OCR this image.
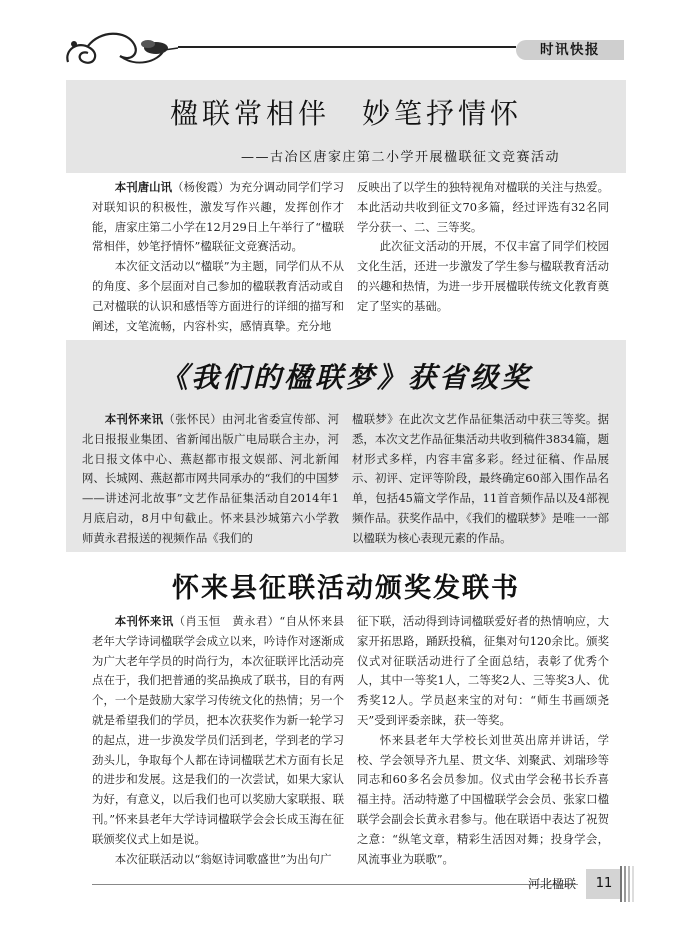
时讯快报
楹联常相伴　妙笔抒情怀
——古冶区唐家庄第二小学开展楹联征文竞赛活动

本刊唐山讯（杨俊霞）为充分调动同学们学习对联知识的积极性，激发写作兴趣，发挥创作才能，唐家庄第二小学在12月29日上午举行了“楹联常相伴，妙笔抒情怀”楹联征文竞赛活动。

本次征文活动以“楹联”为主题，同学们从不从的角度、多个层面对自己参加的楹联教育活动或自己对楹联的认识和感悟等方面进行的详细的描写和阐述，文笔流畅，内容朴实，感情真挚。充分地

反映出了以学生的独特视角对楹联的关注与热爱。本此活动共收到征文70多篇，经过评选有32名同学分获一、二、三等奖。

此次征文活动的开展，不仅丰富了同学们校园文化生活，还进一步激发了学生参与楹联教育活动的兴趣和热情，为进一步开展楹联传统文化教育奠定了坚实的基础。

《我们的楹联梦》获省级奖

本刊怀来讯（张怀民）由河北省委宣传部、河北日报报业集团、省新闻出版广电局联合主办，河北日报文体中心、燕赵都市报文娱部、河北新闻网、长城网、燕赵都市网共同承办的“我们的中国梦——讲述河北故事”文艺作品征集活动自2014年1月底启动，8月中旬截止。怀来县沙城第六小学教师黄永君报送的视频作品《我们的

楹联梦》在此次文艺作品征集活动中获三等奖。据悉，本次文艺作品征集活动共收到稿件3834篇，题材形式多样，内容丰富多彩。经过征稿、作品展示、初评、定评等阶段，最终确定60部入围作品名单，包括45篇文学作品，11首音频作品以及4部视频作品。获奖作品中，《我们的楹联梦》是唯一一部以楹联为核心表现元素的作品。

怀来县征联活动颁奖发联书

本刊怀来讯（肖玉恒　黄永君）“自从怀来县老年大学诗词楹联学会成立以来，吟诗作对逐渐成为广大老年学员的时尚行为，本次征联评比活动亮点在于，我们把普通的奖品换成了联书，目的有两个，一个是鼓励大家学习传统文化的热情；另一个就是希望我们的学员，把本次获奖作为新一轮学习的起点，进一步涣发学员们活到老，学到老的学习劲头儿，争取每个人都在诗词楹联艺术方面有长足的进步和发展。这是我们的一次尝试，如果大家认为好，有意义，以后我们也可以奖励大家联报、联刊。”怀来县老年大学诗词楹联学会会长成玉海在征联颁奖仪式上如是说。

本次征联活动以“翁妪诗词歌盛世”为出句广

征下联，活动得到诗词楹联爱好者的热情响应，大家开拓思路，踊跃投稿，征集对句120余比。颁奖仪式对征联活动进行了全面总结，表彰了优秀个人，其中一等奖1人，二等奖2人、三等奖3人、优秀奖12人。学员赵来宝的对句：“师生书画颂尧天”受到评委亲睐，获一等奖。

怀来县老年大学校长刘世英出席并讲话，学校、学会领导齐九星、贯文华、刘聚武、刘瑞珍等同志和60多名会员参加。仪式由学会秘书长乔喜福主持。活动特邀了中国楹联学会会员、张家口楹联学会副会长黄永君参与。他在联语中表达了祝贺之意：“纵笔文章，精彩生活因对舞；投身学会，风流事业为联歌”。

河北楹联	11
